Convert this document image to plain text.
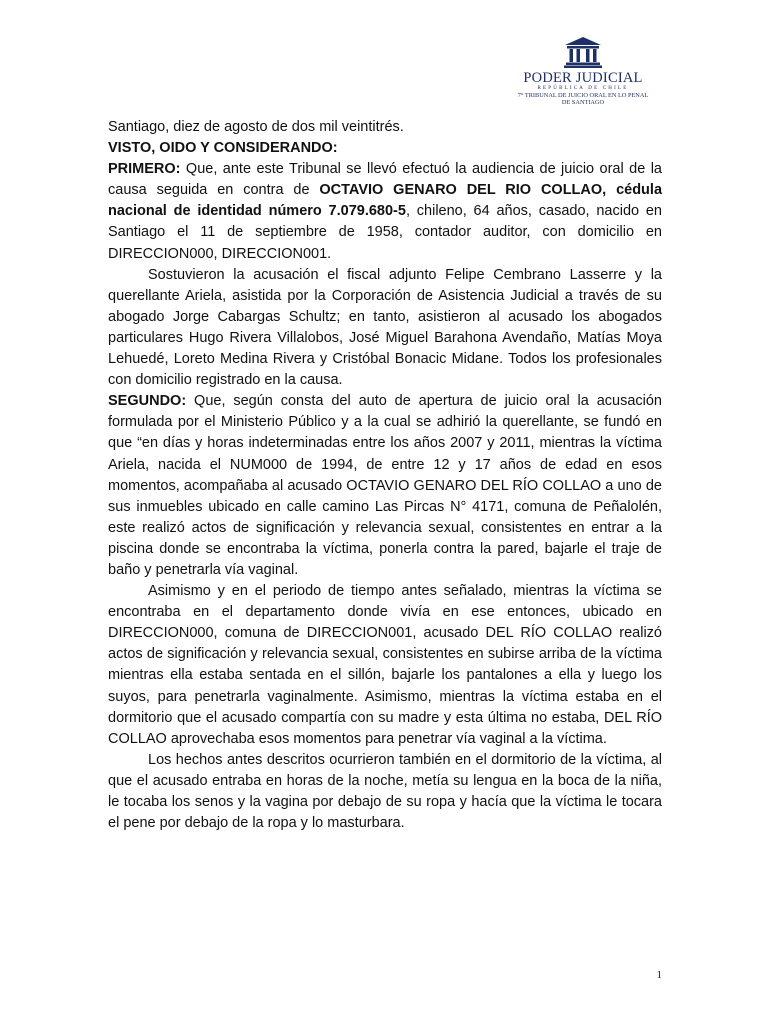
PODER JUDICIAL
REPÚBLICA DE CHILE
7° TRIBUNAL DE JUICIO ORAL EN LO PENAL
DE SANTIAGO

Santiago, diez de agosto de dos mil veintitrés.

VISTO, OIDO Y CONSIDERANDO:

PRIMERO: Que, ante este Tribunal se llevó efectuó la audiencia de juicio oral de la causa seguida en contra de OCTAVIO GENARO DEL RIO COLLAO, cédula nacional de identidad número 7.079.680-5, chileno, 64 años, casado, nacido en Santiago el 11 de septiembre de 1958, contador auditor, con domicilio en DIRECCION000, DIRECCION001.

Sostuvieron la acusación el fiscal adjunto Felipe Cembrano Lasserre y la querellante Ariela, asistida por la Corporación de Asistencia Judicial a través de su abogado Jorge Cabargas Schultz; en tanto, asistieron al acusado los abogados particulares Hugo Rivera Villalobos, José Miguel Barahona Avendaño, Matías Moya Lehuedé, Loreto Medina Rivera y Cristóbal Bonacic Midane. Todos los profesionales con domicilio registrado en la causa.

SEGUNDO: Que, según consta del auto de apertura de juicio oral la acusación formulada por el Ministerio Público y a la cual se adhirió la querellante, se fundó en que “en días y horas indeterminadas entre los años 2007 y 2011, mientras la víctima Ariela, nacida el NUM000 de 1994, de entre 12 y 17 años de edad en esos momentos, acompañaba al acusado OCTAVIO GENARO DEL RÍO COLLAO a uno de sus inmuebles ubicado en calle camino Las Pircas N° 4171, comuna de Peñalolén, este realizó actos de significación y relevancia sexual, consistentes en entrar a la piscina donde se encontraba la víctima, ponerla contra la pared, bajarle el traje de baño y penetrarla vía vaginal.

Asimismo y en el periodo de tiempo antes señalado, mientras la víctima se encontraba en el departamento donde vivía en ese entonces, ubicado en DIRECCION000, comuna de DIRECCION001, acusado DEL RÍO COLLAO realizó actos de significación y relevancia sexual, consistentes en subirse arriba de la víctima mientras ella estaba sentada en el sillón, bajarle los pantalones a ella y luego los suyos, para penetrarla vaginalmente. Asimismo, mientras la víctima estaba en el dormitorio que el acusado compartía con su madre y esta última no estaba, DEL RÍO COLLAO aprovechaba esos momentos para penetrar vía vaginal a la víctima.

Los hechos antes descritos ocurrieron también en el dormitorio de la víctima, al que el acusado entraba en horas de la noche, metía su lengua en la boca de la niña, le tocaba los senos y la vagina por debajo de su ropa y hacía que la víctima le tocara el pene por debajo de la ropa y lo masturbara.

1
